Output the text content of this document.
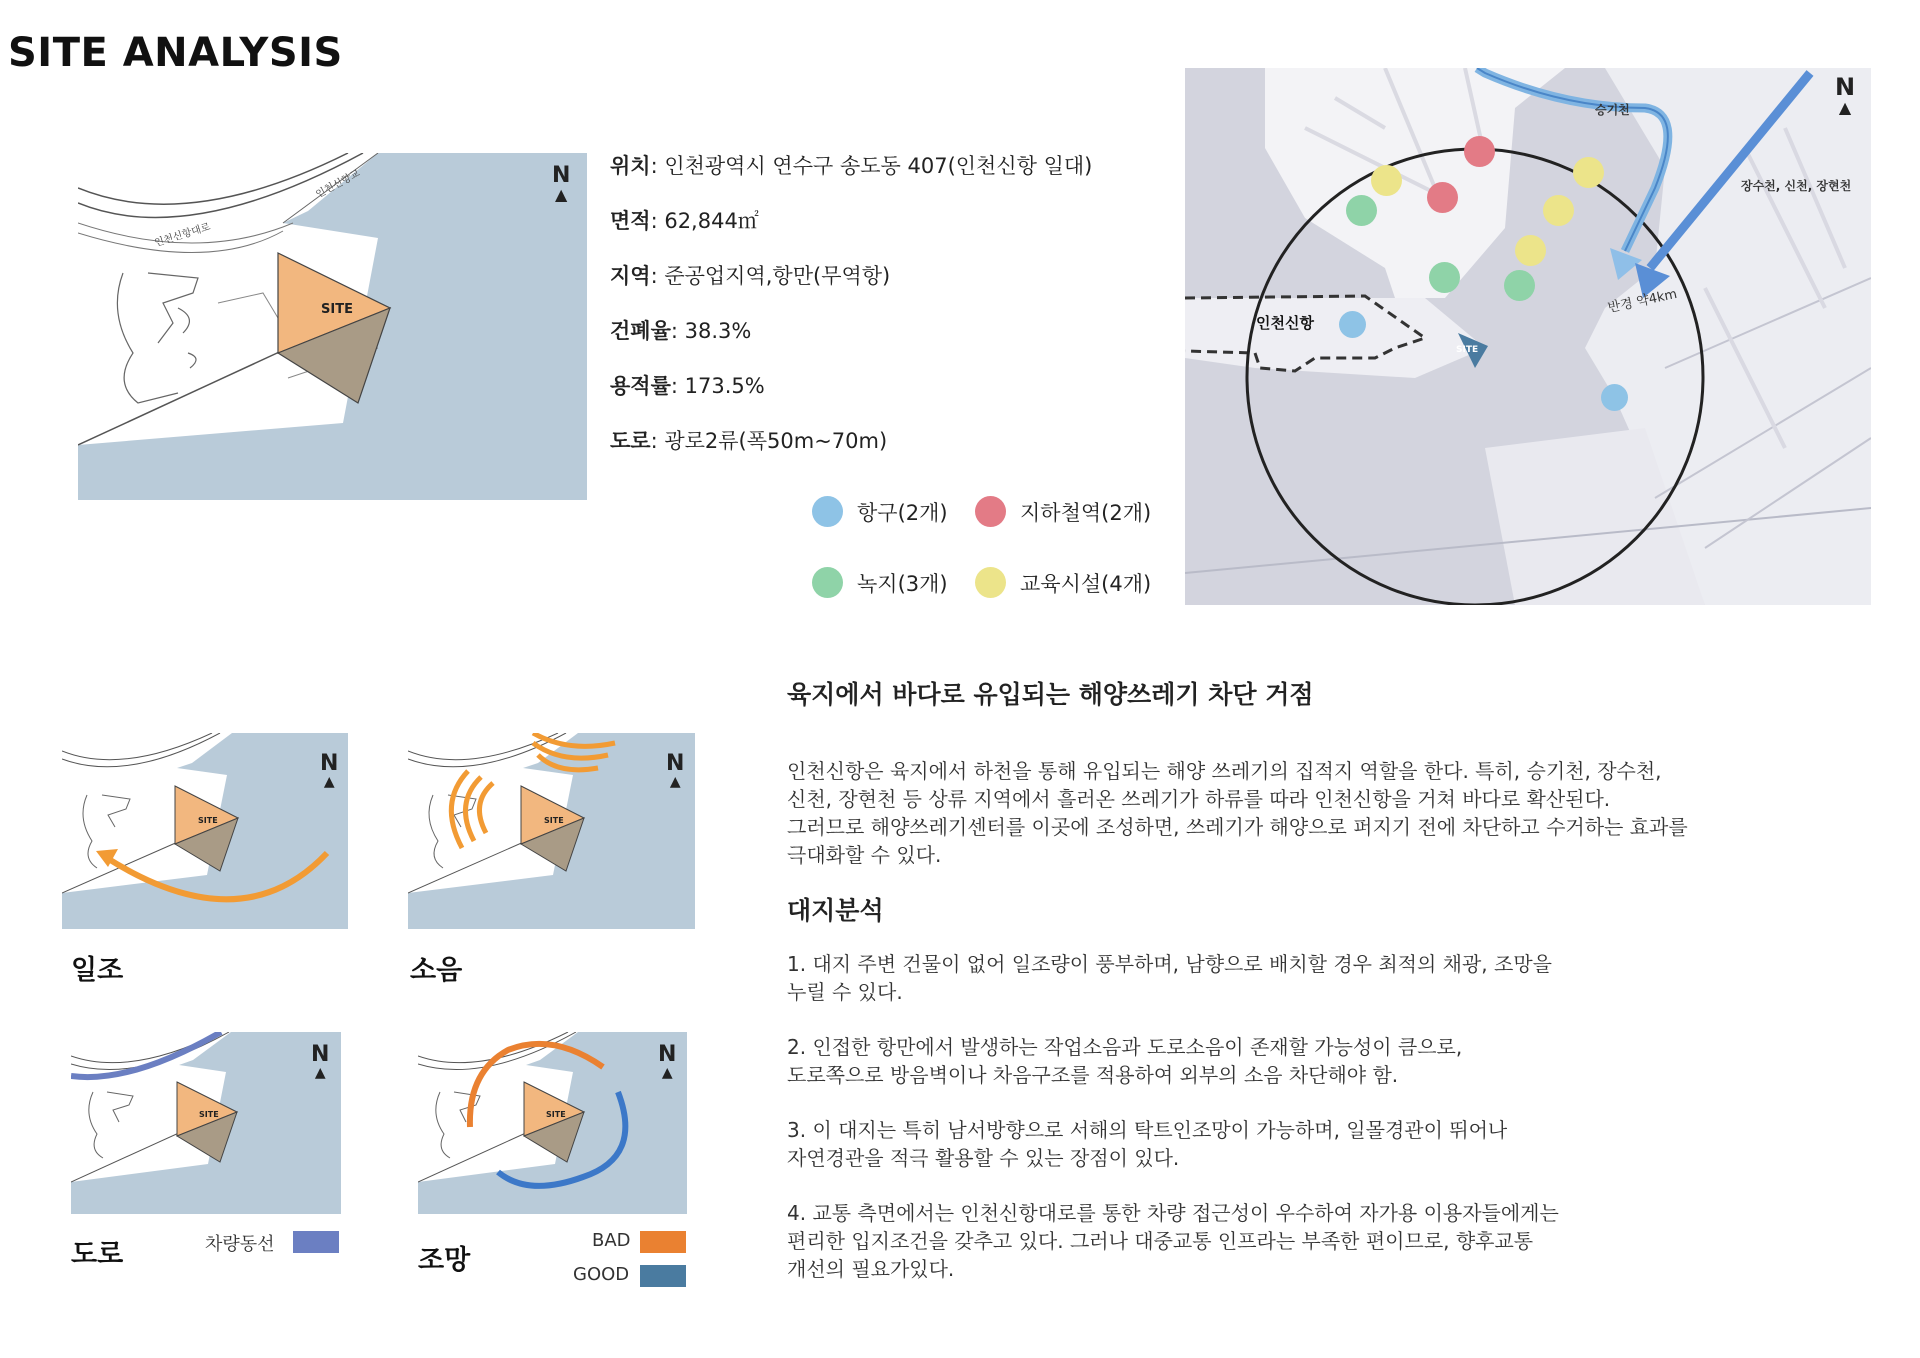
SITE ANALYSIS
SITE
N
▲
인천신항대로
인천신항교
위치: 인천광역시 연수구 송도동 407(인천신항 일대)
면적: 62,844㎡
지역: 준공업지역,항만(무역항)
건폐율: 38.3%
용적률: 173.5%
도로: 광로2류(폭50m~70m)
항구(2개)	지하철역(2개)
녹지(3개)	교육시설(4개)
N
▲
승기천
장수천, 신천, 장현천
인천신항
반경 약4km
SITE
SITE
N
▲
일조
SITE
N
▲
소음
SITE
N
▲
도로	차량동선
SITE
N
▲
조망
BAD
GOOD
육지에서 바다로 유입되는 해양쓰레기 차단 거점

인천신항은 육지에서 하천을 통해 유입되는 해양 쓰레기의 집적지 역할을 한다. 특히, 승기천, 장수천,

신천, 장현천 등 상류 지역에서 흘러온 쓰레기가 하류를 따라 인천신항을 거쳐 바다로 확산된다.

그러므로 해양쓰레기센터를 이곳에 조성하면, 쓰레기가 해양으로 퍼지기 전에 차단하고 수거하는 효과를

극대화할 수 있다.

대지분석

1. 대지 주변 건물이 없어 일조량이 풍부하며, 남향으로 배치할 경우 최적의 채광, 조망을

누릴 수 있다.

2. 인접한 항만에서 발생하는 작업소음과 도로소음이 존재할 가능성이 큼으로,

도로쪽으로 방음벽이나 차음구조를 적용하여 외부의 소음 차단해야 함.

3. 이 대지는 특히 남서방향으로 서해의 탁트인조망이 가능하며, 일몰경관이 뛰어나

자연경관을 적극 활용할 수 있는 장점이 있다.

4. 교통 측면에서는 인천신항대로를 통한 차량 접근성이 우수하여 자가용 이용자들에게는

편리한 입지조건을 갖추고 있다. 그러나 대중교통 인프라는 부족한 편이므로, 향후교통

개선의 필요가있다.
